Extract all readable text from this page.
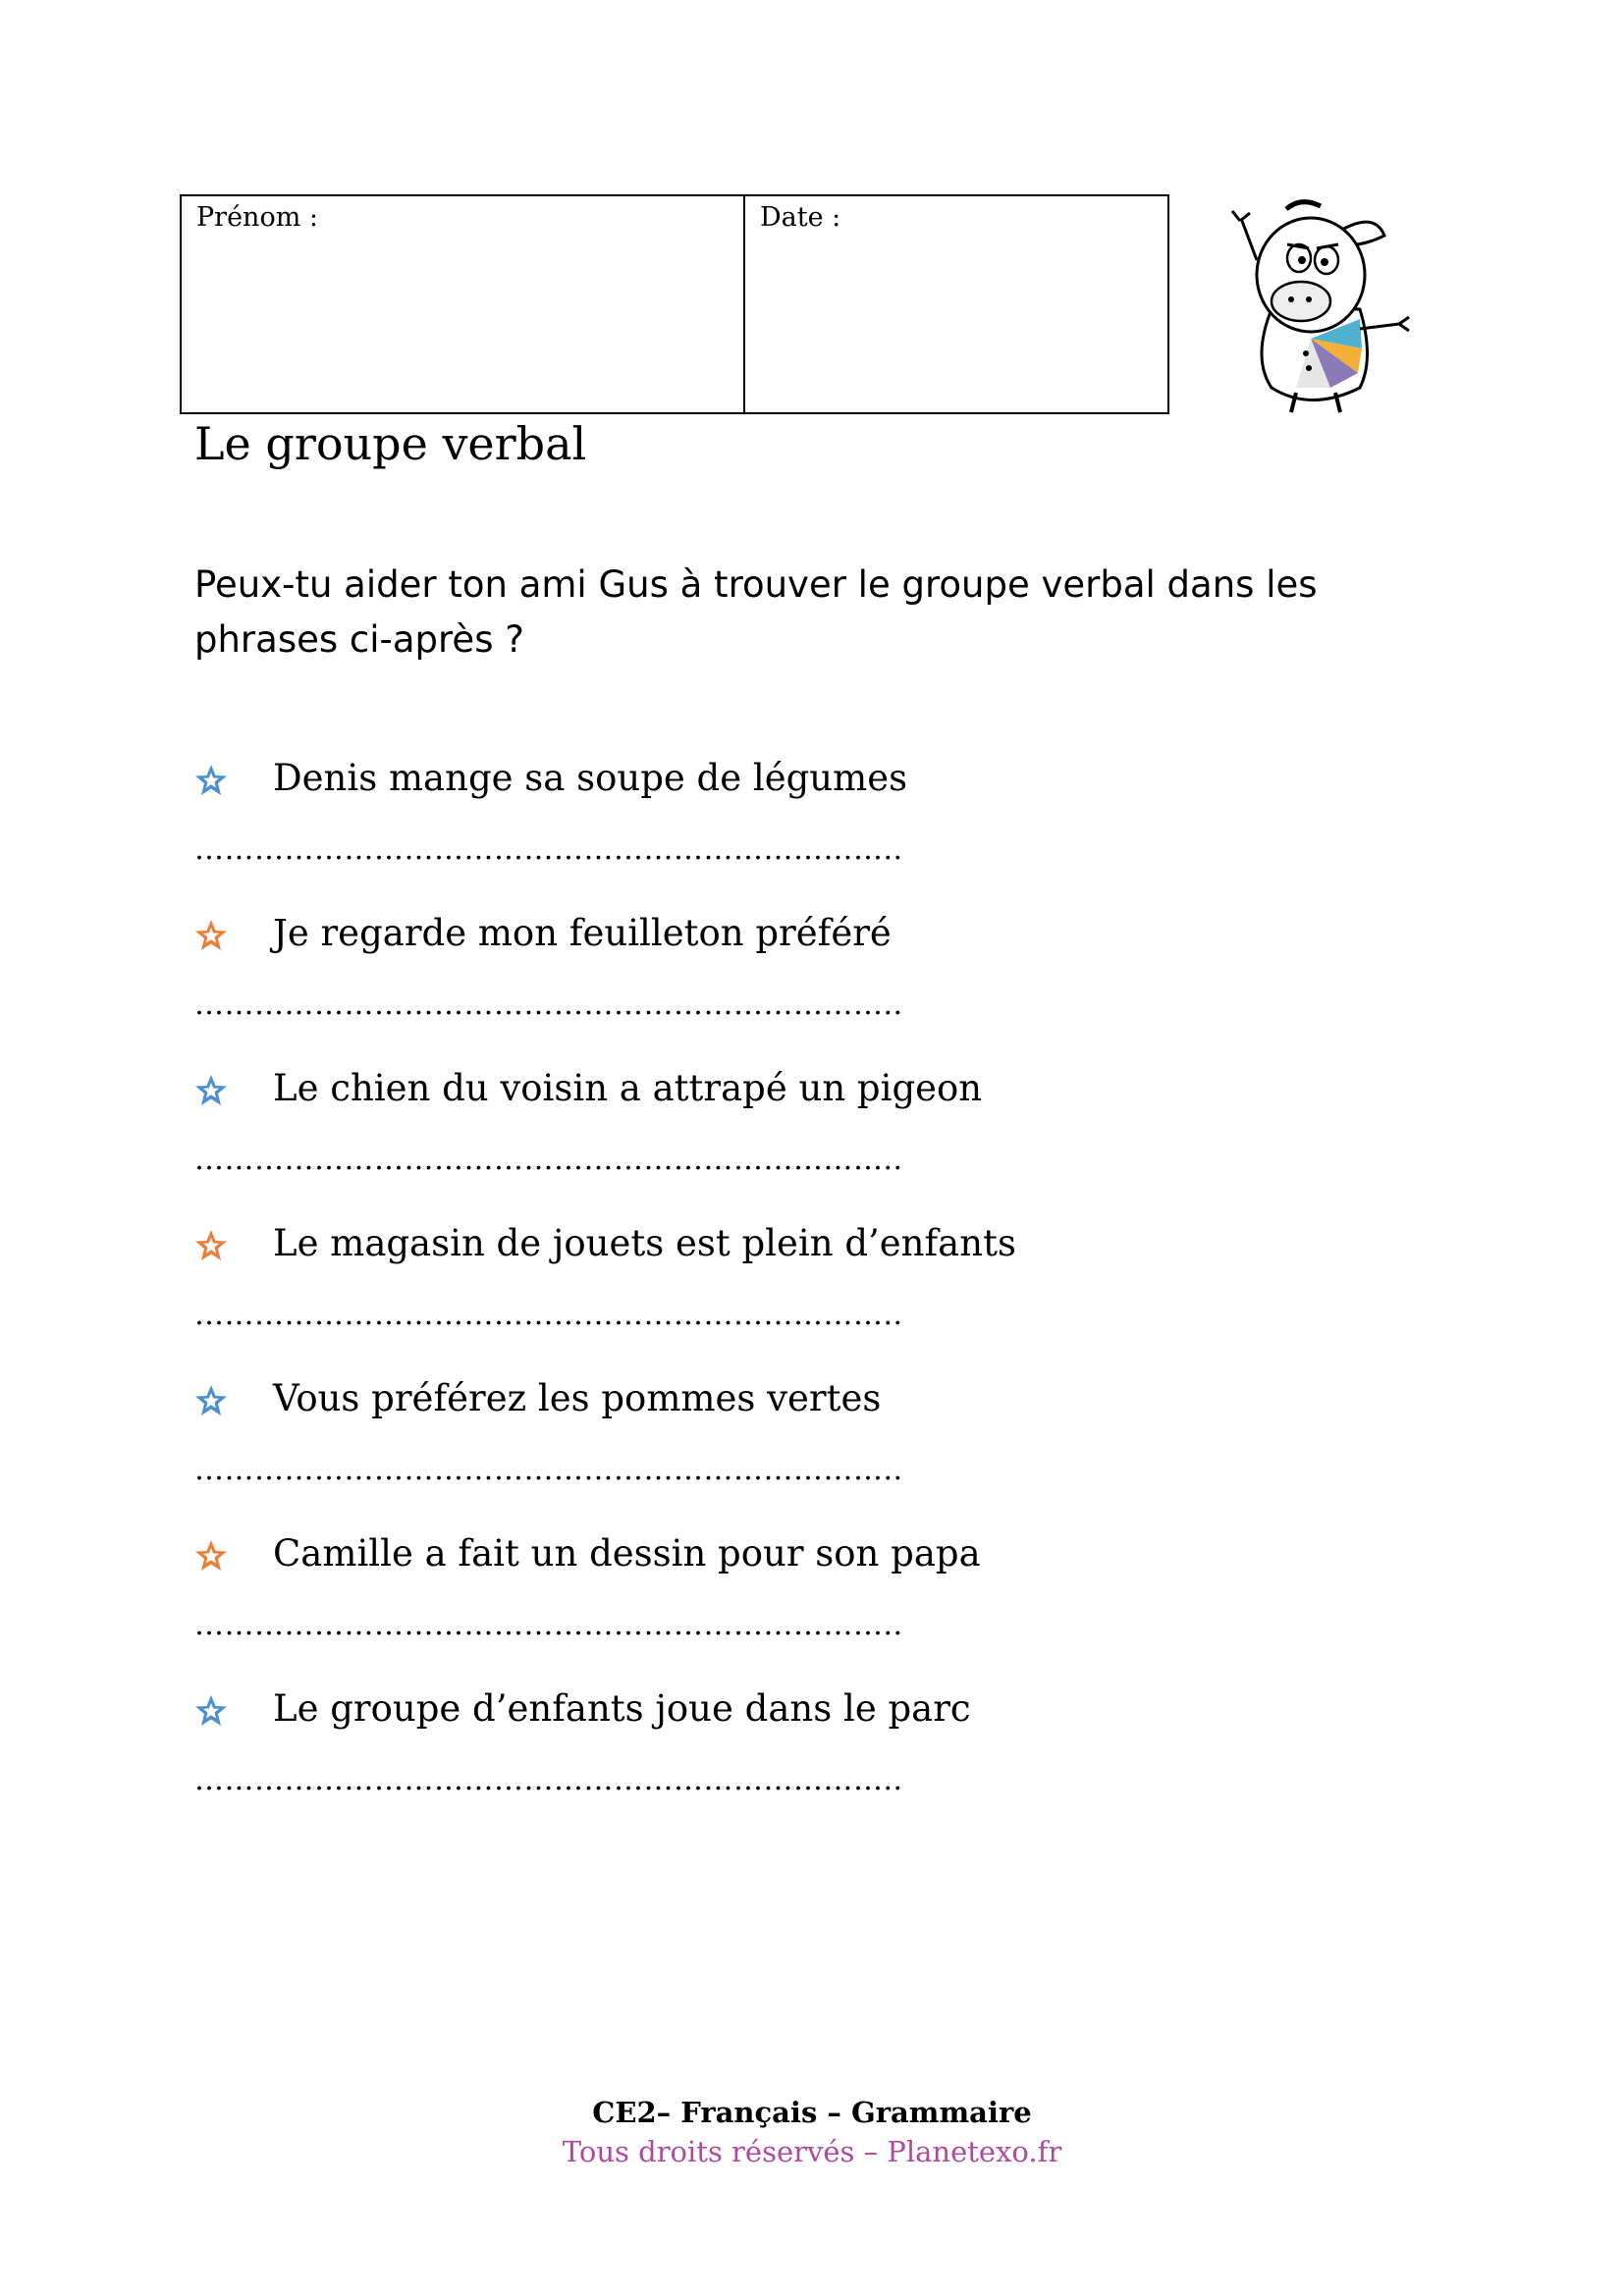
Prénom :	Date :
Le groupe verbal
Peux-tu aider ton ami Gus à trouver le groupe verbal dans les phrases ci-après ?
Denis mange sa soupe de légumes
……………………………………………………………..
Je regarde mon feuilleton préféré
……………………………………………………………..
Le chien du voisin a attrapé un pigeon
……………………………………………………………..
Le magasin de jouets est plein d’enfants
……………………………………………………………..
Vous préférez les pommes vertes
……………………………………………………………..
Camille a fait un dessin pour son papa
……………………………………………………………..
Le groupe d’enfants joue dans le parc
……………………………………………………………..
CE2– Français – Grammaire
Tous droits réservés – Planetexo.fr
